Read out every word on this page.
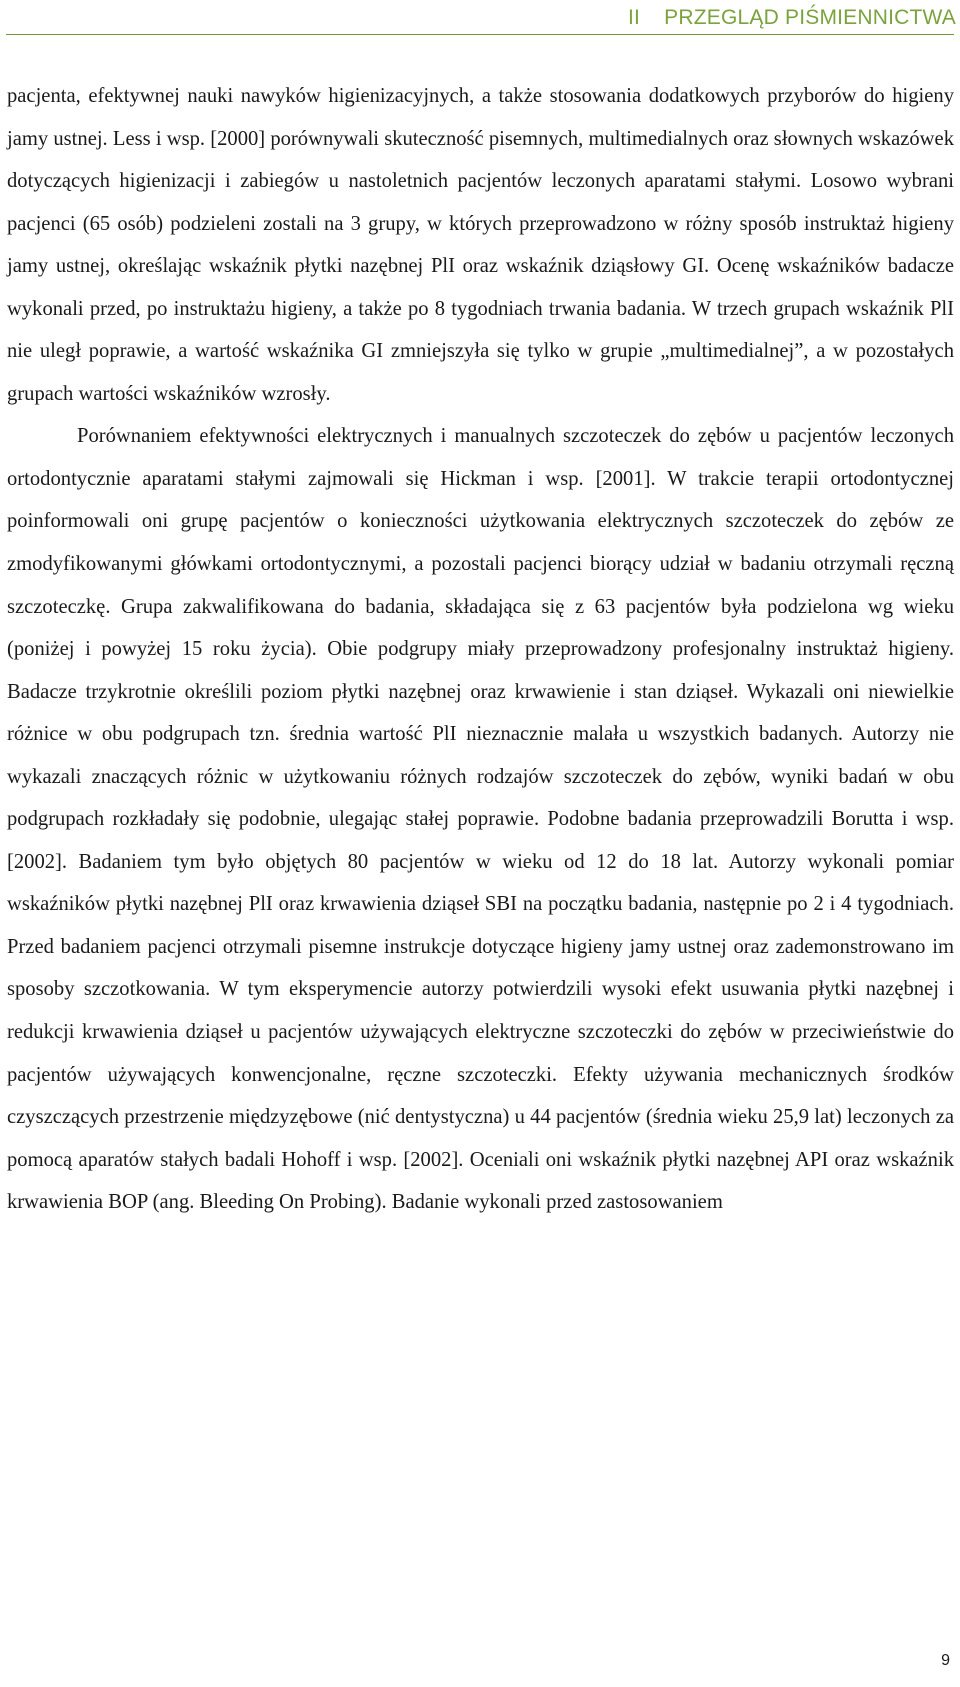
II    PRZEGLĄD PIŚMIENNICTWA

pacjenta, efektywnej nauki nawyków higienizacyjnych, a także stosowania dodatkowych przyborów do higieny jamy ustnej. Less i wsp. [2000] porównywali skuteczność pisemnych, multimedialnych oraz słownych wskazówek dotyczących higienizacji i zabiegów u nastoletnich pacjentów leczonych aparatami stałymi. Losowo wybrani pacjenci (65 osób) podzieleni zostali na 3 grupy, w których przeprowadzono w różny sposób instruktaż higieny jamy ustnej, określając wskaźnik płytki nazębnej PlI oraz wskaźnik dziąsłowy GI. Ocenę wskaźników badacze wykonali przed, po instruktażu higieny, a także po 8 tygodniach trwania badania. W trzech grupach wskaźnik PlI nie uległ poprawie, a wartość wskaźnika GI zmniejszyła się tylko w grupie „multimedialnej”, a w pozostałych grupach wartości wskaźników wzrosły.

Porównaniem efektywności elektrycznych i manualnych szczoteczek do zębów u pacjentów leczonych ortodontycznie aparatami stałymi zajmowali się Hickman i wsp. [2001]. W trakcie terapii ortodontycznej poinformowali oni grupę pacjentów o konieczności użytkowania elektrycznych szczoteczek do zębów ze zmodyfikowanymi główkami ortodontycznymi, a pozostali pacjenci biorący udział w badaniu otrzymali ręczną szczoteczkę. Grupa zakwalifikowana do badania, składająca się z 63 pacjentów była podzielona wg wieku (poniżej i powyżej 15 roku życia). Obie podgrupy miały przeprowadzony profesjonalny instruktaż higieny. Badacze trzykrotnie określili poziom płytki nazębnej oraz krwawienie i stan dziąseł. Wykazali oni niewielkie różnice w obu podgrupach tzn. średnia wartość PlI nieznacznie malała u wszystkich badanych. Autorzy nie wykazali znaczących różnic w użytkowaniu różnych rodzajów szczoteczek do zębów, wyniki badań w obu podgrupach rozkładały się podobnie, ulegając stałej poprawie. Podobne badania przeprowadzili Borutta i wsp. [2002]. Badaniem tym było objętych 80 pacjentów w wieku od 12 do 18 lat. Autorzy wykonali pomiar wskaźników płytki nazębnej PlI oraz krwawienia dziąseł SBI na początku badania, następnie po 2 i 4 tygodniach. Przed badaniem pacjenci otrzymali pisemne instrukcje dotyczące higieny jamy ustnej oraz zademonstrowano im sposoby szczotkowania. W tym eksperymencie autorzy potwierdzili wysoki efekt usuwania płytki nazębnej i redukcji krwawienia dziąseł u pacjentów używających elektryczne szczoteczki do zębów w przeciwieństwie do pacjentów używających konwencjonalne, ręczne szczoteczki. Efekty używania mechanicznych środków czyszczących przestrzenie międzyzębowe (nić dentystyczna) u 44 pacjentów (średnia wieku 25,9 lat) leczonych za pomocą aparatów stałych badali Hohoff i wsp. [2002]. Oceniali oni wskaźnik płytki nazębnej API oraz wskaźnik krwawienia BOP (ang. Bleeding On Probing). Badanie wykonali przed zastosowaniem

9
